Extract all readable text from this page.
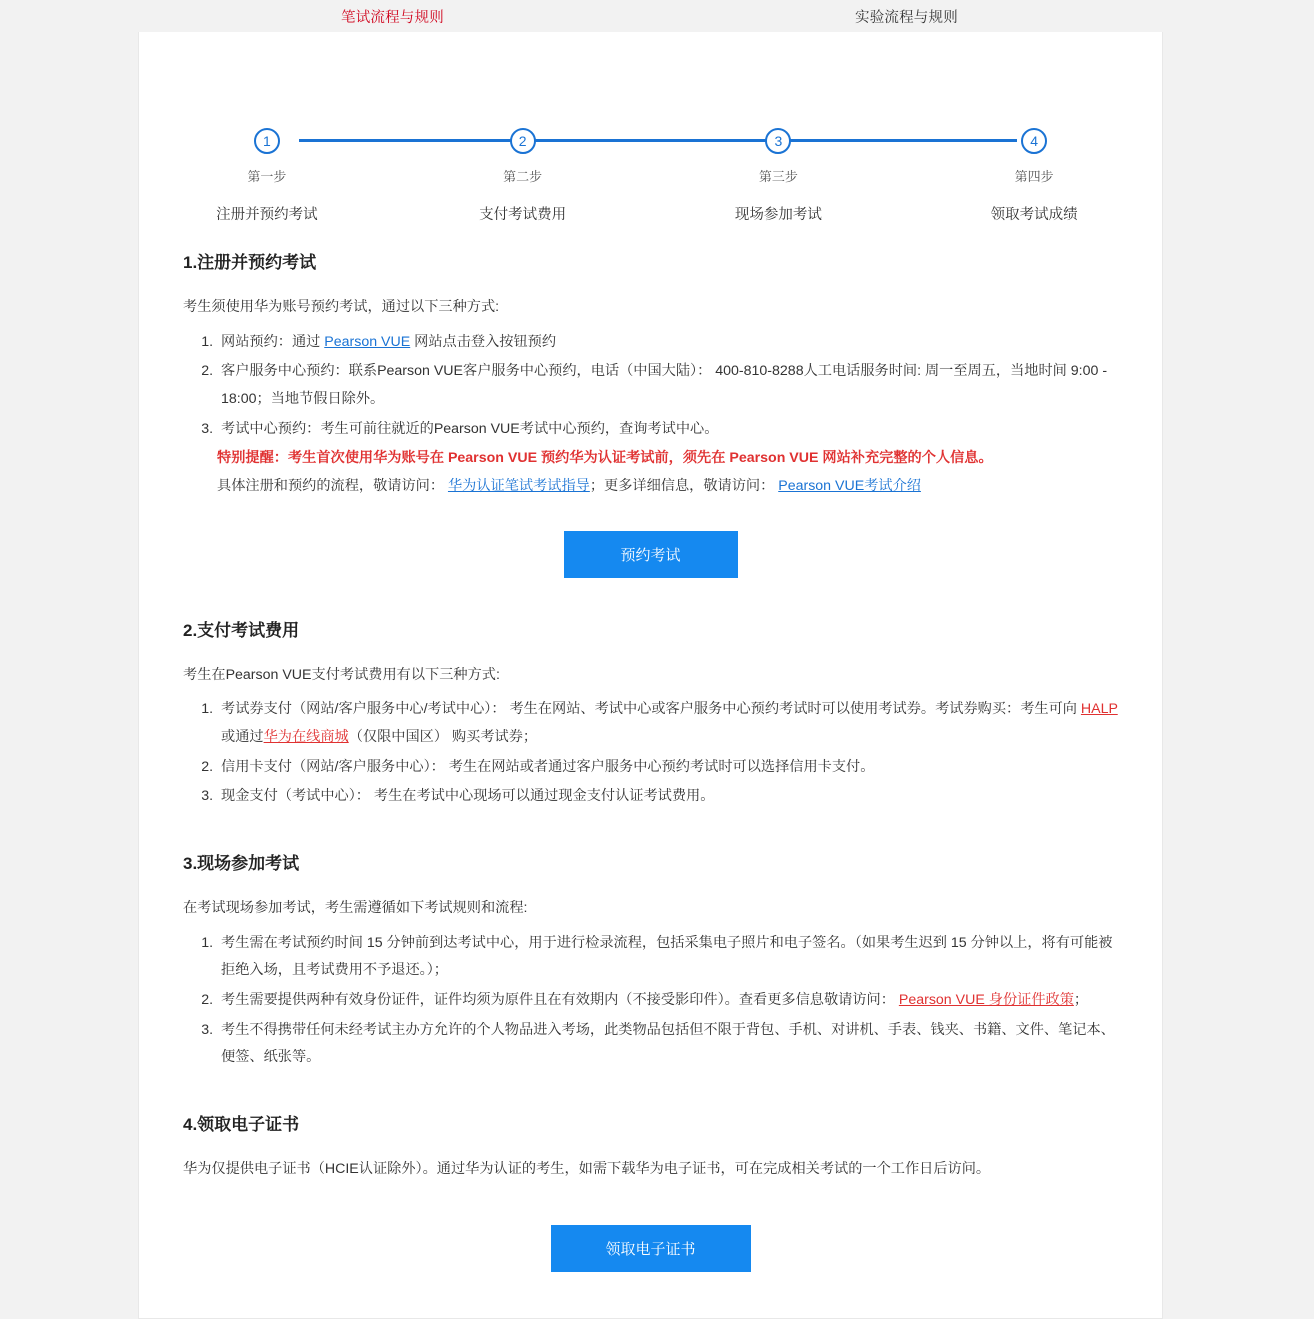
笔试流程与规则	实验流程与规则
1
第一步
注册并预约考试
2
第二步
支付考试费用
3
第三步
现场参加考试
4
第四步
领取考试成绩
1.注册并预约考试

考生须使用华为账号预约考试，通过以下三种方式:

1. 网站预约：通过 Pearson VUE 网站点击登入按钮预约
2. 客户服务中心预约：联系Pearson VUE客户服务中心预约，电话（中国大陆）： 400-810-8288人工电话服务时间: 周一至周五，当地时间 9:00 - 18:00；当地节假日除外。
3. 考试中心预约：考生可前往就近的Pearson VUE考试中心预约，查询考试中心。
特别提醒：考生首次使用华为账号在 Pearson VUE 预约华为认证考试前，须先在 Pearson VUE 网站补充完整的个人信息。
具体注册和预约的流程，敬请访问： 华为认证笔试考试指导；更多详细信息，敬请访问： Pearson VUE考试介绍
预约考试
2.支付考试费用

考生在Pearson VUE支付考试费用有以下三种方式:

1. 考试券支付（网站/客户服务中心/考试中心）： 考生在网站、考试中心或客户服务中心预约考试时可以使用考试券。考试券购买：考生可向 HALP 或通过华为在线商城（仅限中国区） 购买考试券；
2. 信用卡支付（网站/客户服务中心）： 考生在网站或者通过客户服务中心预约考试时可以选择信用卡支付。
3. 现金支付（考试中心）： 考生在考试中心现场可以通过现金支付认证考试费用。
3.现场参加考试

在考试现场参加考试，考生需遵循如下考试规则和流程:

1. 考生需在考试预约时间 15 分钟前到达考试中心，用于进行检录流程，包括采集电子照片和电子签名。（如果考生迟到 15 分钟以上，将有可能被拒绝入场，且考试费用不予退还。）；
2. 考生需要提供两种有效身份证件，证件均须为原件且在有效期内（不接受影印件）。查看更多信息敬请访问： Pearson VUE 身份证件政策；
3. 考生不得携带任何未经考试主办方允许的个人物品进入考场，此类物品包括但不限于背包、手机、对讲机、手表、钱夹、书籍、文件、笔记本、便签、纸张等。
4.领取电子证书

华为仅提供电子证书（HCIE认证除外）。通过华为认证的考生，如需下载华为电子证书，可在完成相关考试的一个工作日后访问。

领取电子证书
